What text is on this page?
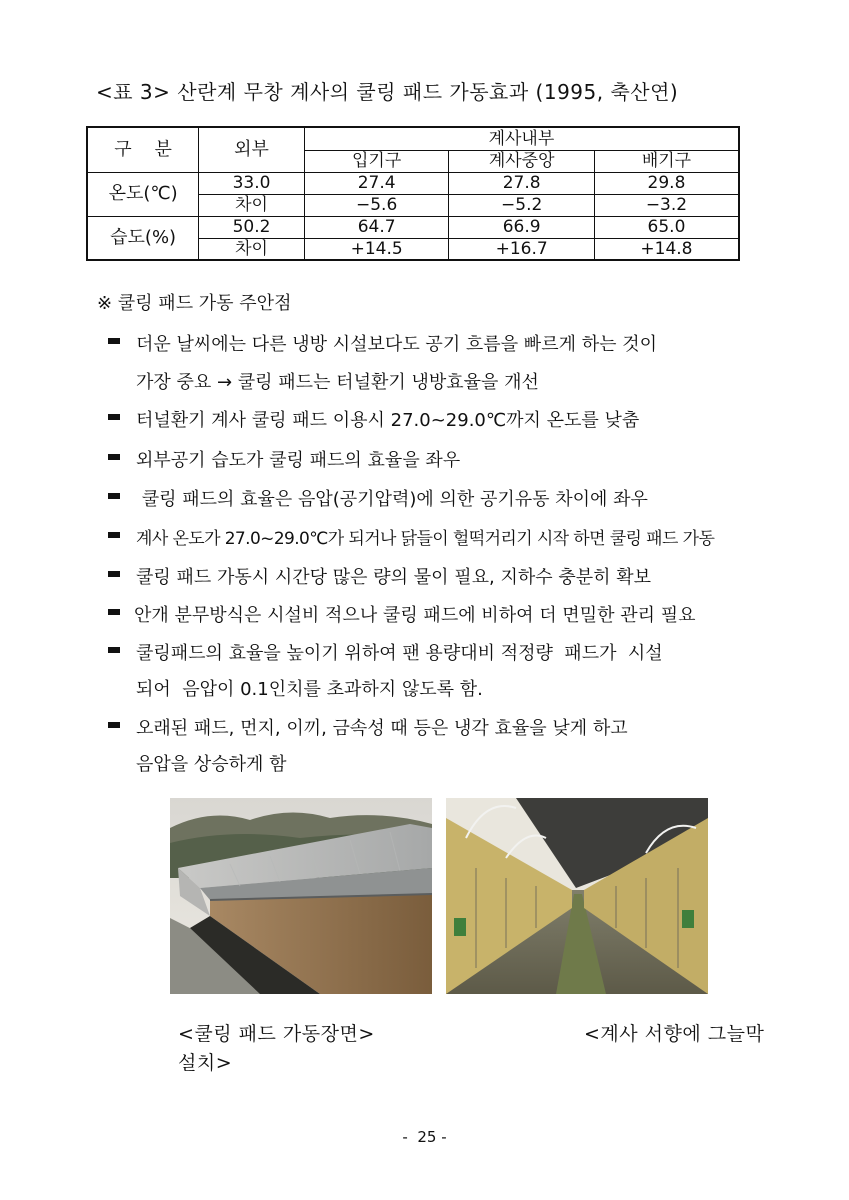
<표 3> 산란계 무창 계사의 쿨링 패드 가동효과 (1995, 축산연)
구    분	외부	계사내부		
		입기구	계사중앙	배기구
온도(℃)	33.0	27.4	27.8	29.8
	차이	−5.6	−5.2	−3.2
습도(%)	50.2	64.7	66.9	65.0
	차이	+14.5	+16.7	+14.8
※ 쿨링 패드 가동 주안점
더운 날씨에는 다른 냉방 시설보다도 공기 흐름을 빠르게 하는 것이
가장 중요 → 쿨링 패드는 터널환기 냉방효율을 개선
터널환기 계사 쿨링 패드 이용시 27.0~29.0℃까지 온도를 낮춤
외부공기 습도가 쿨링 패드의 효율을 좌우
쿨링 패드의 효율은 음압(공기압력)에 의한 공기유동 차이에 좌우
계사 온도가 27.0~29.0℃가 되거나 닭들이 헐떡거리기 시작 하면 쿨링 패드 가동
쿨링 패드 가동시 시간당 많은 량의 물이 필요, 지하수 충분히 확보
안개 분무방식은 시설비 적으나 쿨링 패드에 비하여 더 면밀한 관리 필요
쿨링패드의 효율을 높이기 위하여 팬 용량대비 적정량  패드가  시설
되어  음압이 0.1인치를 초과하지 않도록 함.
오래된 패드, 먼지, 이끼, 금속성 때 등은 냉각 효율을 낮게 하고
음압을 상승하게 함
<쿨링 패드 가동장면>
설치>
<계사 서향에 그늘막
-  25 -
